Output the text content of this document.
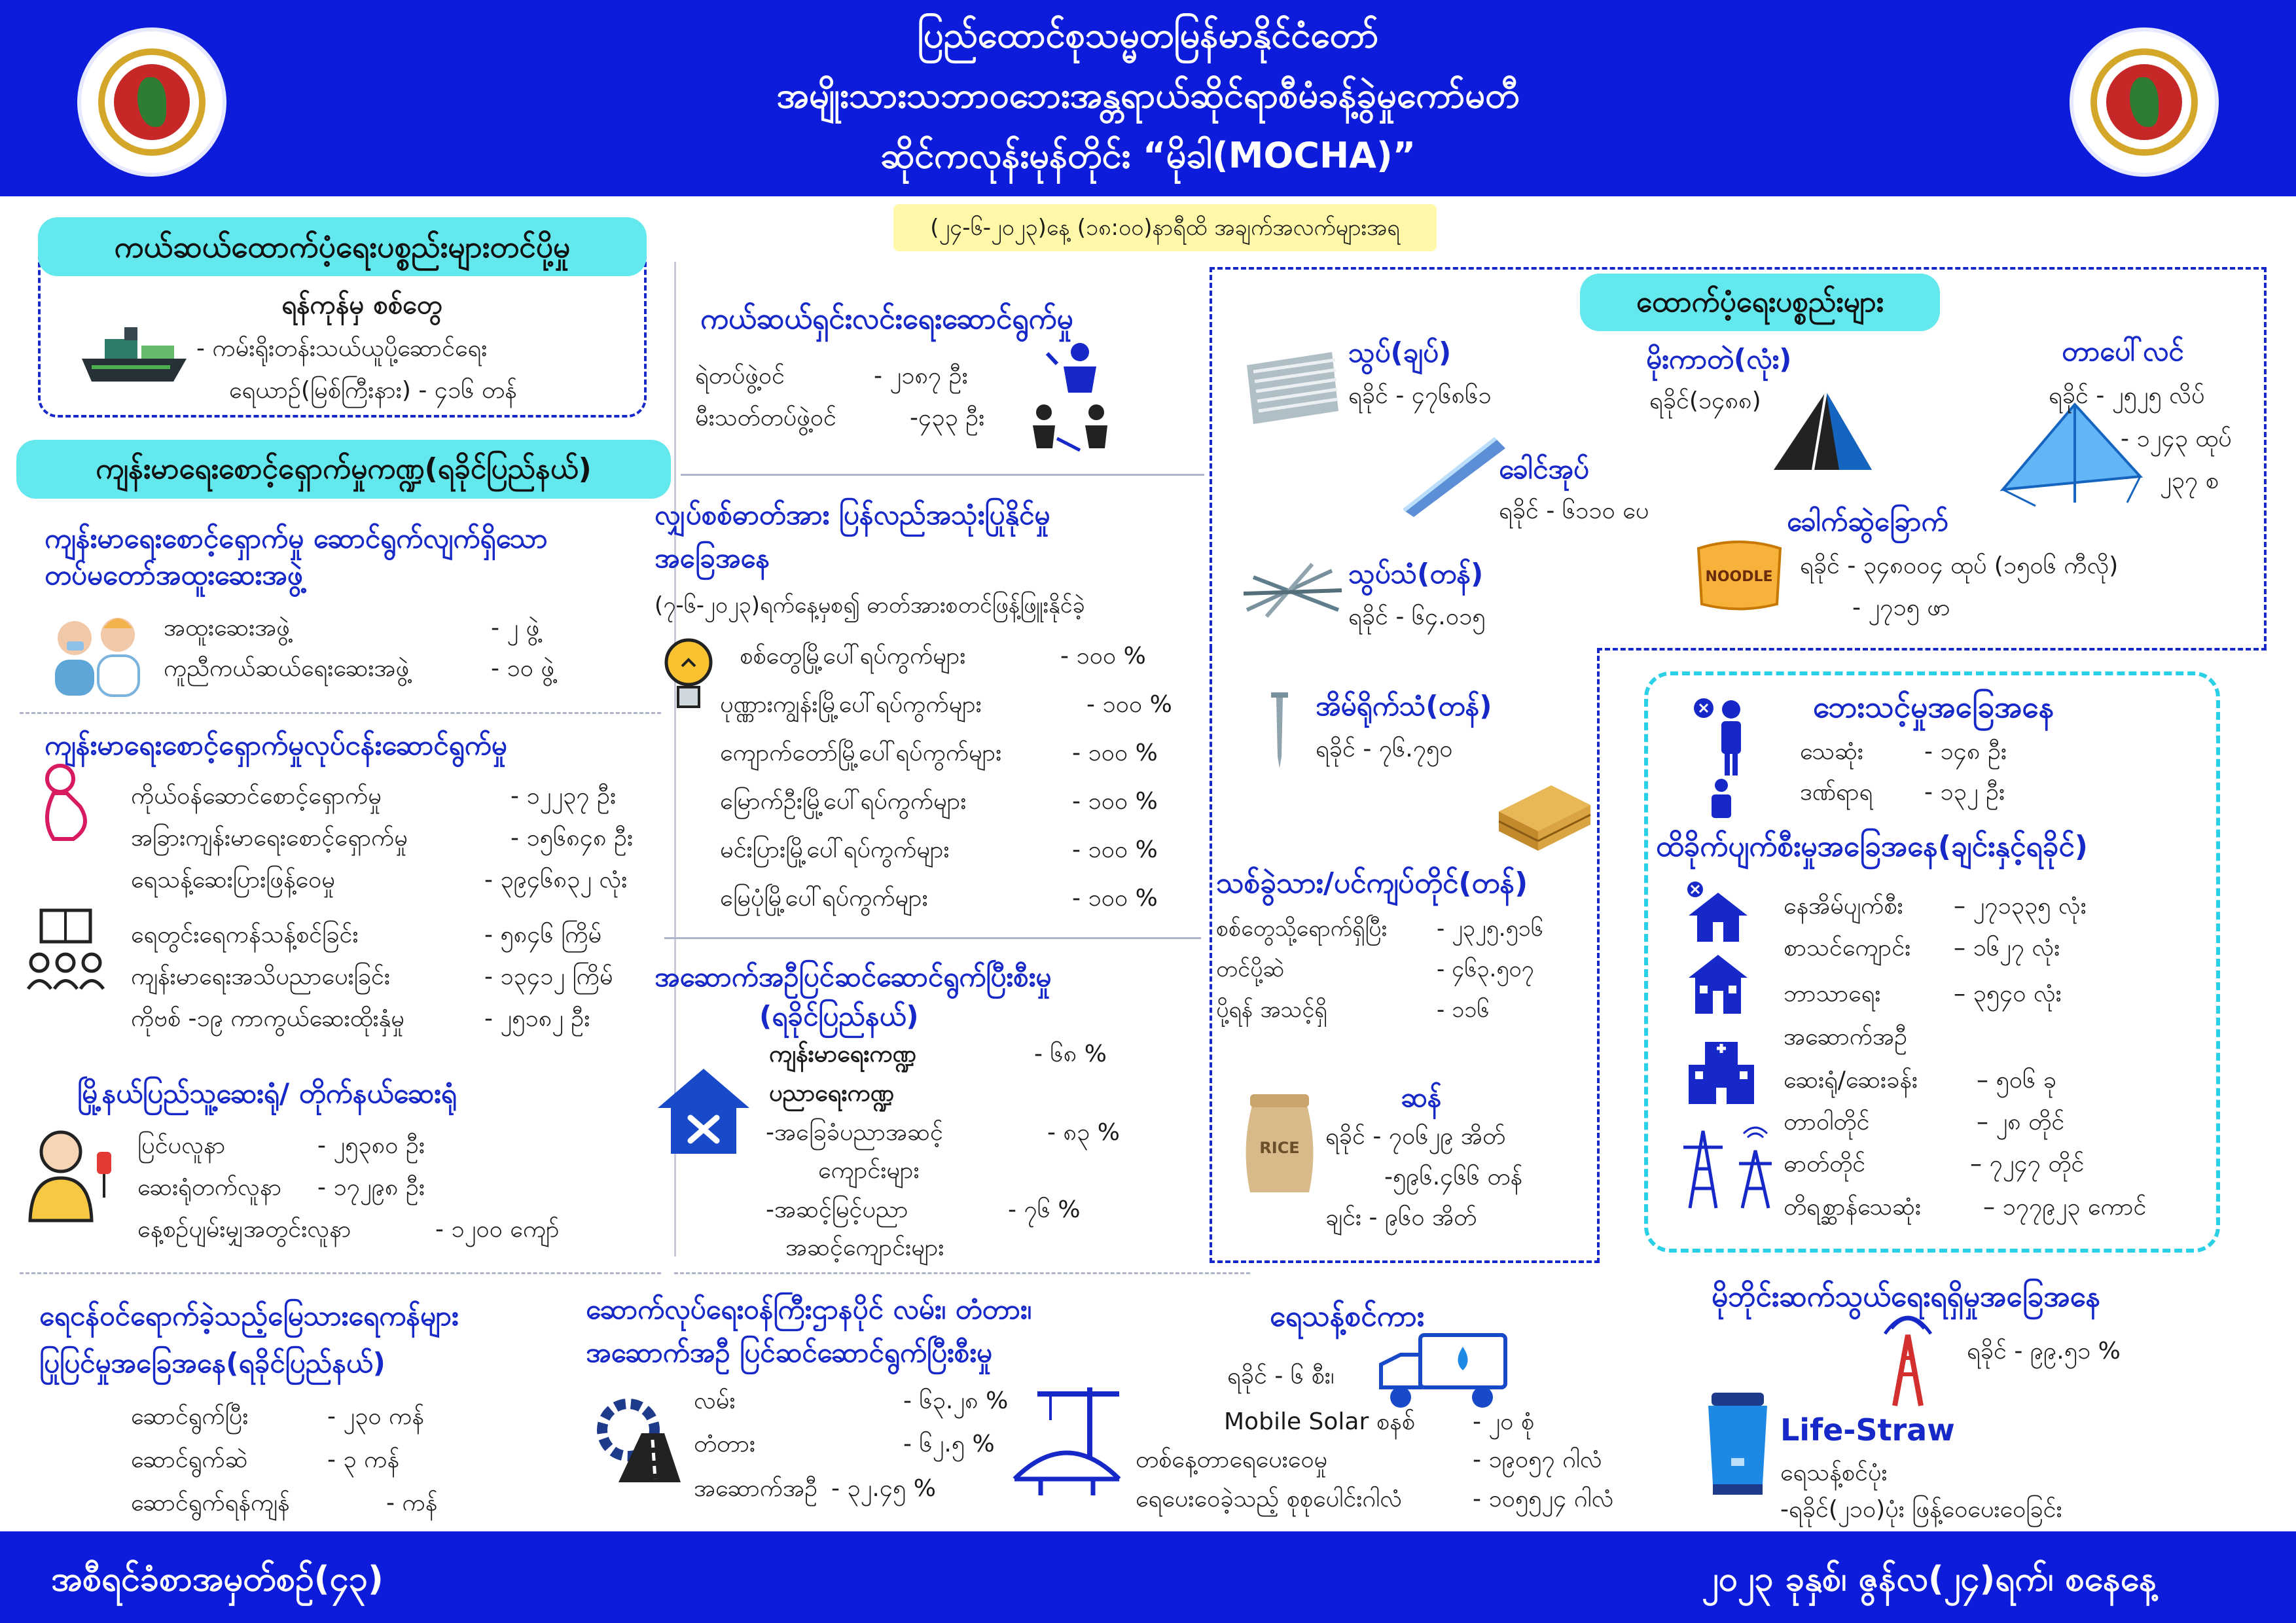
ပြည်ထောင်စုသမ္မတမြန်မာနိုင်ငံတော်
အမျိုးသားသဘာဝဘေးအန္တရာယ်ဆိုင်ရာစီမံခန့်ခွဲမှုကော်မတီ
ဆိုင်ကလုန်းမုန်တိုင်း “မိုခါ(MOCHA)”
(၂၄-၆-၂၀၂၃)နေ့ (၁၈:၀၀)နာရီထိ အချက်အလက်များအရ
ကယ်ဆယ်ထောက်ပံ့ရေးပစ္စည်းများတင်ပို့မှု
ရန်ကုန်မှ စစ်တွေ
- ကမ်းရိုးတန်းသယ်ယူပို့ဆောင်ရေး
ရေယာဉ်(မြစ်ကြီးနား) - ၄၁၆ တန်
ကျန်းမာရေးစောင့်ရှောက်မှုကဏ္ဍ(ရခိုင်ပြည်နယ်)
ကျန်းမာရေးစောင့်ရှောက်မှု ဆောင်ရွက်လျက်ရှိသော
တပ်မတော်အထူးဆေးအဖွဲ့
အထူးဆေးအဖွဲ့	- ၂ ဖွဲ့
ကူညီကယ်ဆယ်ရေးဆေးအဖွဲ့	- ၁၀ ဖွဲ့
ကျန်းမာရေးစောင့်ရှောက်မှုလုပ်ငန်းဆောင်ရွက်မှု
ကိုယ်ဝန်ဆောင်စောင့်ရှောက်မှု	- ၁၂၂၃၇ ဦး
အခြားကျန်းမာရေးစောင့်ရှောက်မှု	- ၁၅၆၈၄၈ ဦး
ရေသန့်ဆေးပြားဖြန့်ဝေမှု	- ၃၉၄၆၈၃၂ လုံး
ရေတွင်းရေကန်သန့်စင်ခြင်း	- ၅၈၄၆ ကြိမ်
ကျန်းမာရေးအသိပညာပေးခြင်း	- ၁၃၄၁၂ ကြိမ်
ကိုဗစ် -၁၉ ကာကွယ်ဆေးထိုးနှံမှု	- ၂၅၁၈၂ ဦး
မြို့နယ်ပြည်သူ့ဆေးရုံ/ တိုက်နယ်ဆေးရုံ
ပြင်ပလူနာ	- ၂၅၃၈၀ ဦး
ဆေးရုံတက်လူနာ - ၁၇၂၉၈ ဦး
နေ့စဉ်ပျမ်းမျှအတွင်းလူနာ	- ၁၂၀၀ ကျော်
ရေငန်ဝင်ရောက်ခဲ့သည့်မြေသားရေကန်များ
ပြုပြင်မှုအခြေအနေ(ရခိုင်ပြည်နယ်)
ဆောင်ရွက်ပြီး	- ၂၃၀ ကန်
ဆောင်ရွက်ဆဲ	- ၃ ကန်
ဆောင်ရွက်ရန်ကျန်	- ကန်
ကယ်ဆယ်ရှင်းလင်းရေးဆောင်ရွက်မှု
ရဲတပ်ဖွဲ့ဝင်	- ၂၁၈၇ ဦး
မီးသတ်တပ်ဖွဲ့ဝင်	-၄၃၃ ဦး
လျှပ်စစ်ဓာတ်အား ပြန်လည်အသုံးပြုနိုင်မှု
အခြေအနေ
(၇-၆-၂၀၂၃)ရက်နေ့မှစ၍ ဓာတ်အားစတင်ဖြန့်ဖြူးနိုင်ခဲ့
စစ်တွေမြို့ပေါ်ရပ်ကွက်များ	- ၁၀၀ %
ပုဏ္ဏားကျွန်းမြို့ပေါ်ရပ်ကွက်များ	- ၁၀၀ %
ကျောက်တော်မြို့ပေါ်ရပ်ကွက်များ	- ၁၀၀ %
မြောက်ဦးမြို့ပေါ်ရပ်ကွက်များ	- ၁၀၀ %
မင်းပြားမြို့ပေါ်ရပ်ကွက်များ	- ၁၀၀ %
မြေပုံမြို့ပေါ်ရပ်ကွက်များ	- ၁၀၀ %
အဆောက်အဦပြင်ဆင်ဆောင်ရွက်ပြီးစီးမှု
(ရခိုင်ပြည်နယ်)
ကျန်းမာရေးကဏ္ဍ	- ၆၈ %
ပညာရေးကဏ္ဍ
-အခြေခံပညာအဆင့်	- ၈၃ %
ကျောင်းများ
-အဆင့်မြင့်ပညာ	- ၇၆ %
အဆင့်ကျောင်းများ
ဆောက်လုပ်ရေးဝန်ကြီးဌာနပိုင် လမ်း၊ တံတား၊
အဆောက်အဦ ပြင်ဆင်ဆောင်ရွက်ပြီးစီးမှု
လမ်း	- ၆၃.၂၈ %
တံတား	- ၆၂.၅ %
အဆောက်အဦ - ၃၂.၄၅ %
ထောက်ပံ့ရေးပစ္စည်းများ
သွပ်(ချပ်)
ရခိုင် - ၄၇၆၈၆၁
ခေါင်အုပ်
ရခိုင် - ၆၁၁၀ ပေ
သွပ်သံ(တန်)
ရခိုင် - ၆၄.၀၁၅
အိမ်ရိုက်သံ(တန်)
ရခိုင် - ၇၆.၇၅၀
သစ်ခွဲသား/ပင်ကျပ်တိုင်(တန်)
စစ်တွေသို့ရောက်ရှိပြီး - ၂၃၂၅.၅၁၆
တင်ပို့ဆဲ	- ၄၆၃.၅၀၇
ပို့ရန် အသင့်ရှိ	- ၁၁၆
RICE
ဆန်
ရခိုင် - ၇၀၆၂၉ အိတ်
-၅၉၆.၄၆၆ တန်
ချင်း - ၉၆၀ အိတ်
မိုးကာတဲ(လုံး)
ရခိုင်(၁၄၈၈)
တာပေါ်လင်
ရခိုင် - ၂၅၂၅ လိပ်
- ၁၂၄၃ ထုပ်
၂၃၇ စ
NOODLE
ခေါက်ဆွဲခြောက်
ရခိုင် - ၃၄၈၀၀၄ ထုပ် (၁၅၀၆ ကီလို)
- ၂၇၁၅ ဖာ
ဘေးသင့်မှုအခြေအနေ
သေဆုံး	- ၁၄၈ ဦး
ဒဏ်ရာရ - ၁၃၂ ဦး
ထိခိုက်ပျက်စီးမှုအခြေအနေ(ချင်းနှင့်ရခိုင်)
နေအိမ်ပျက်စီး – ၂၇၁၃၃၅ လုံး
စာသင်ကျောင်း – ၁၆၂၇ လုံး
ဘာသာရေး	– ၃၅၄၀ လုံး
အဆောက်အဦ
ဆေးရုံ/ဆေးခန်း	– ၅၀၆ ခု
တာဝါတိုင်	– ၂၈ တိုင်
ဓာတ်တိုင်	– ၇၂၄၇ တိုင်
တိရစ္ဆာန်သေဆုံး	– ၁၇၇၉၂၃ ကောင်
မိုဘိုင်းဆက်သွယ်ရေးရရှိမှုအခြေအနေ
ရခိုင် - ၉၉.၅၁ %
ရေသန့်စင်ကား
ရခိုင် - ၆ စီး၊
Mobile Solar စနစ် - ၂၀ စုံ
တစ်နေ့တာရေပေးဝေမှု	- ၁၉၀၅၇ ဂါလံ
ရေပေးဝေခဲ့သည့် စုစုပေါင်းဂါလံ	- ၁၀၅၅၂၄ ဂါလံ
Life-Straw
ရေသန့်စင်ပုံး
-ရခိုင်(၂၁၀)ပုံး ဖြန့်ဝေပေးဝေခြင်း
အစီရင်ခံစာအမှတ်စဉ်(၄၃)	၂၀၂၃ ခုနှစ်၊ ဇွန်လ(၂၄)ရက်၊ စနေနေ့
